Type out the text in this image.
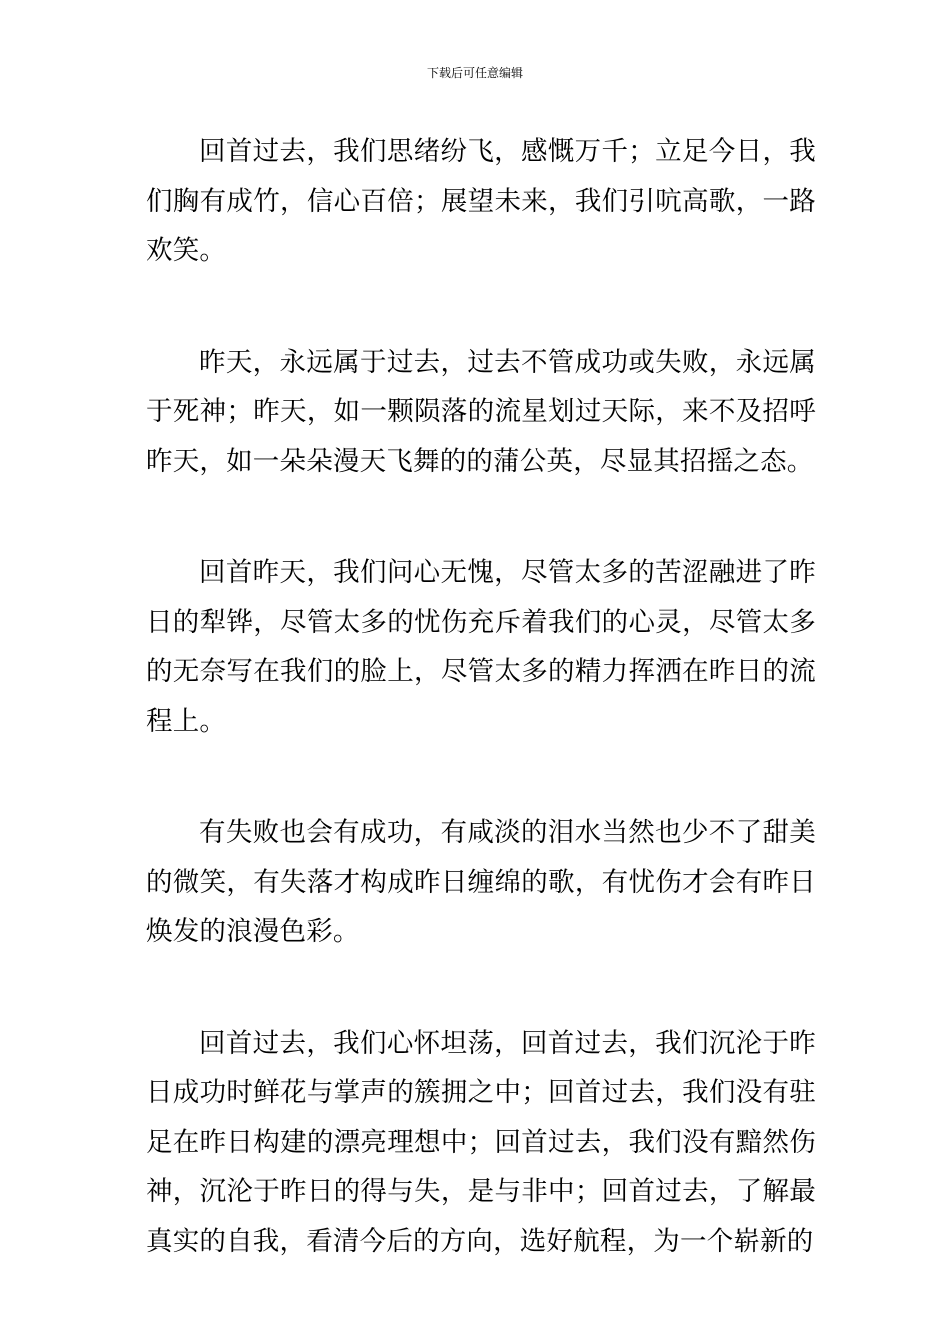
下载后可任意编辑

回首过去，我们思绪纷飞，感慨万千；立足今日，我们胸有成竹，信心百倍；展望未来，我们引吭高歌，一路欢笑。

昨天，永远属于过去，过去不管成功或失败，永远属于死神；昨天，如一颗陨落的流星划过天际，来不及招呼昨天，如一朵朵漫天飞舞的的蒲公英，尽显其招摇之态。

回首昨天，我们问心无愧，尽管太多的苦涩融进了昨日的犁铧，尽管太多的忧伤充斥着我们的心灵，尽管太多的无奈写在我们的脸上，尽管太多的精力挥洒在昨日的流程上。

有失败也会有成功，有咸淡的泪水当然也少不了甜美的微笑，有失落才构成昨日缠绵的歌，有忧伤才会有昨日焕发的浪漫色彩。

回首过去，我们心怀坦荡，回首过去，我们沉沦于昨日成功时鲜花与掌声的簇拥之中；回首过去，我们没有驻足在昨日构建的漂亮理想中；回首过去，我们没有黯然伤神，沉沦于昨日的得与失，是与非中；回首过去，了解最真实的自我，看清今后的方向，选好航程，为一个崭新的
